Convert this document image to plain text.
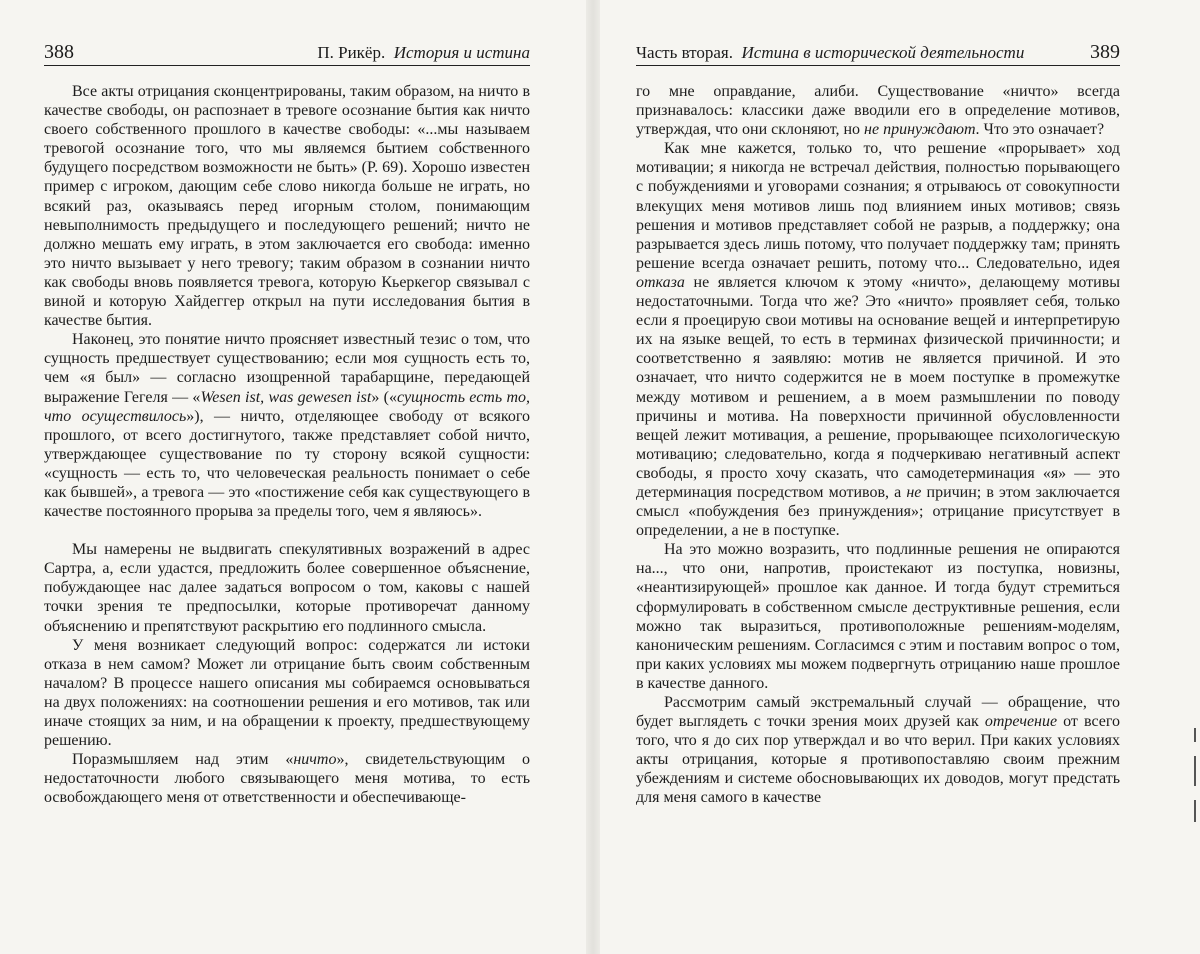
388	П. Рикёр. История и истина

Все акты отрицания сконцентрированы, таким образом, на ничто в качестве свободы, он распознает в тревоге осознание бытия как ничто своего собственного прошлого в качестве свободы: «...мы называем тревогой осознание того, что мы являемся бытием собственного будущего посредством возможности не быть» (P. 69). Хорошо известен пример с игроком, дающим себе слово никогда больше не играть, но всякий раз, оказываясь перед игорным столом, понимающим невыполнимость предыдущего и последующего решений; ничто не должно мешать ему играть, в этом заключается его свобода: именно это ничто вызывает у него тревогу; таким образом в сознании ничто как свободы вновь появляется тревога, которую Кьеркегор связывал с виной и которую Хайдеггер открыл на пути исследования бытия в качестве бытия.

Наконец, это понятие ничто проясняет известный тезис о том, что сущность предшествует существованию; если моя сущность есть то, чем «я был» — согласно изощренной тарабарщине, передающей выражение Гегеля — «Wesen ist, was gewesen ist» («сущность есть то, что осуществилось»), — ничто, отделяющее свободу от всякого прошлого, от всего достигнутого, также представляет собой ничто, утверждающее существование по ту сторону всякой сущности: «сущность — есть то, что человеческая реальность понимает о себе как бывшей», а тревога — это «постижение себя как существующего в качестве постоянного прорыва за пределы того, чем я являюсь».

Мы намерены не выдвигать спекулятивных возражений в адрес Сартра, а, если удастся, предложить более совершенное объяснение, побуждающее нас далее задаться вопросом о том, каковы с нашей точки зрения те предпосылки, которые противоречат данному объяснению и препятствуют раскрытию его подлинного смысла.

У меня возникает следующий вопрос: содержатся ли истоки отказа в нем самом? Может ли отрицание быть своим собственным началом? В процессе нашего описания мы собираемся основываться на двух положениях: на соотношении решения и его мотивов, так или иначе стоящих за ним, и на обращении к проекту, предшествующему решению.

Поразмышляем над этим «ничто», свидетельствующим о недостаточности любого связывающего меня мотива, то есть освобождающего меня от ответственности и обеспечивающе-

Часть вторая. Истина в исторической деятельности	389

го мне оправдание, алиби. Существование «ничто» всегда признавалось: классики даже вводили его в определение мотивов, утверждая, что они склоняют, но не принуждают. Что это означает?

Как мне кажется, только то, что решение «прорывает» ход мотивации; я никогда не встречал действия, полностью порывающего с побуждениями и уговорами сознания; я отрываюсь от совокупности влекущих меня мотивов лишь под влиянием иных мотивов; связь решения и мотивов представляет собой не разрыв, а поддержку; она разрывается здесь лишь потому, что получает поддержку там; принять решение всегда означает решить, потому что... Следовательно, идея отказа не является ключом к этому «ничто», делающему мотивы недостаточными. Тогда что же? Это «ничто» проявляет себя, только если я проецирую свои мотивы на основание вещей и интерпретирую их на языке вещей, то есть в терминах физической причинности; и соответственно я заявляю: мотив не является причиной. И это означает, что ничто содержится не в моем поступке в промежутке между мотивом и решением, а в моем размышлении по поводу причины и мотива. На поверхности причинной обусловленности вещей лежит мотивация, а решение, прорывающее психологическую мотивацию; следовательно, когда я подчеркиваю негативный аспект свободы, я просто хочу сказать, что самодетерминация «я» — это детерминация посредством мотивов, а не причин; в этом заключается смысл «побуждения без принуждения»; отрицание присутствует в определении, а не в поступке.

На это можно возразить, что подлинные решения не опираются на..., что они, напротив, проистекают из поступка, новизны, «неантизирующей» прошлое как данное. И тогда будут стремиться сформулировать в собственном смысле деструктивные решения, если можно так выразиться, противоположные решениям-моделям, каноническим решениям. Согласимся с этим и поставим вопрос о том, при каких условиях мы можем подвергнуть отрицанию наше прошлое в качестве данного.

Рассмотрим самый экстремальный случай — обращение, что будет выглядеть с точки зрения моих друзей как отречение от всего того, что я до сих пор утверждал и во что верил. При каких условиях акты отрицания, которые я противопоставляю своим прежним убеждениям и системе обосновывающих их доводов, могут предстать для меня самого в качестве
